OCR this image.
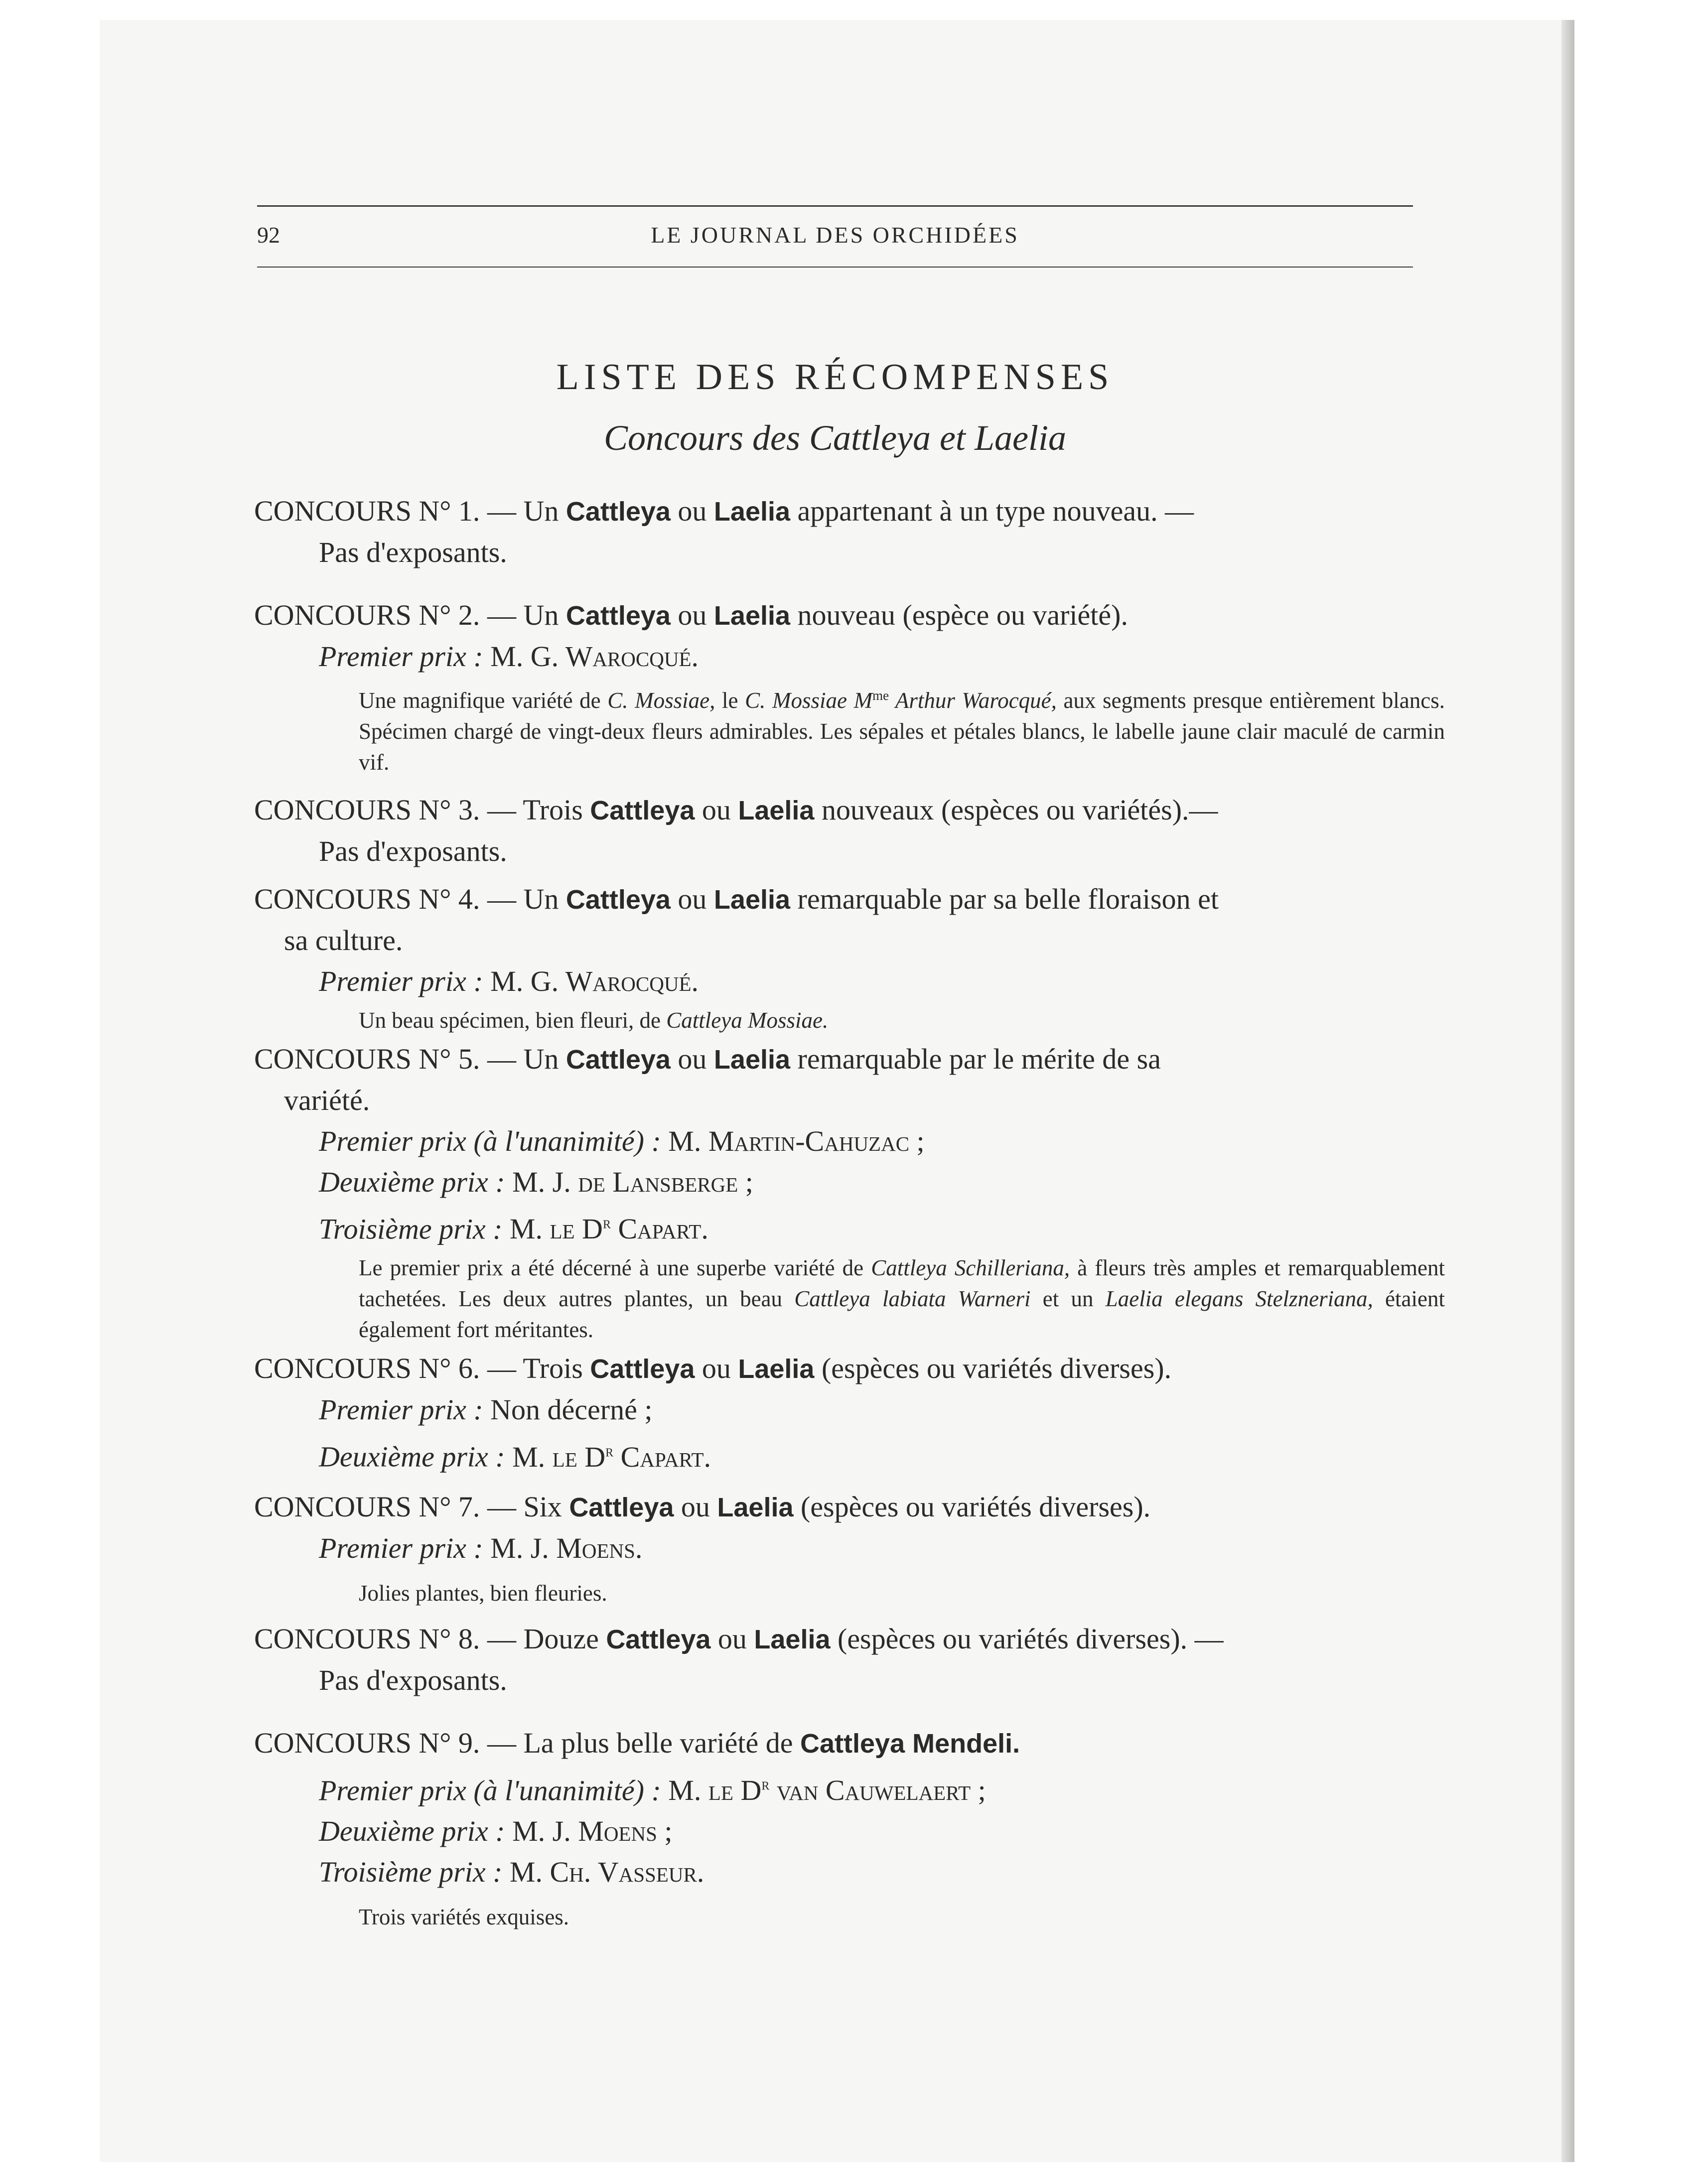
92	LE JOURNAL DES ORCHIDÉES
LISTE DES RÉCOMPENSES
Concours des Cattleya et Laelia
CONCOURS N° 1. — Un Cattleya ou Laelia appartenant à un type nouveau. —
Pas d'exposants.
CONCOURS N° 2. — Un Cattleya ou Laelia nouveau (espèce ou variété).
Premier prix : M. G. Warocqué.
Une magnifique variété de C. Mossiae, le C. Mossiae $M^{me}$ Arthur Warocqué, aux segments presque entièrement blancs. Spécimen chargé de vingt-deux fleurs admirables. Les sépales et pétales blancs, le labelle jaune clair maculé de carmin vif.
CONCOURS N° 3. — Trois Cattleya ou Laelia nouveaux (espèces ou variétés).—
Pas d'exposants.
CONCOURS N° 4. — Un Cattleya ou Laelia remarquable par sa belle floraison et
sa culture.
Premier prix : M. G. Warocqué.
Un beau spécimen, bien fleuri, de Cattleya Mossiae.
CONCOURS N° 5. — Un Cattleya ou Laelia remarquable par le mérite de sa
variété.
Premier prix (à l'unanimité) : M. Martin-Cahuzac ;
Deuxième prix : M. J. de Lansberge ;
Troisième prix : M. le $D^r$ Capart.
Le premier prix a été décerné à une superbe variété de Cattleya Schilleriana, à fleurs très amples et remarquablement tachetées. Les deux autres plantes, un beau Cattleya labiata Warneri et un Laelia elegans Stelzneriana, étaient également fort méritantes.
CONCOURS N° 6. — Trois Cattleya ou Laelia (espèces ou variétés diverses).
Premier prix : Non décerné ;
Deuxième prix : M. le $D^r$ Capart.
CONCOURS N° 7. — Six Cattleya ou Laelia (espèces ou variétés diverses).
Premier prix : M. J. Moens.
Jolies plantes, bien fleuries.
CONCOURS N° 8. — Douze Cattleya ou Laelia (espèces ou variétés diverses). —
Pas d'exposants.
CONCOURS N° 9. — La plus belle variété de Cattleya Mendeli.
Premier prix (à l'unanimité) : M. le $D^r$ van Cauwelaert ;
Deuxième prix : M. J. Moens ;
Troisième prix : M. Ch. Vasseur.
Trois variétés exquises.
